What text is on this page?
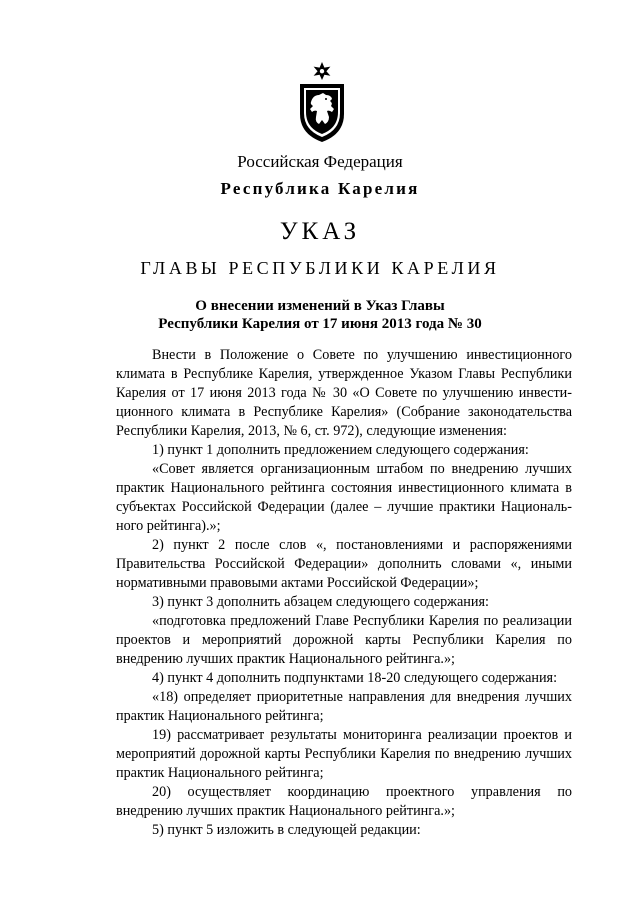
Российская Федерация
Республика Карелия
УКАЗ
ГЛАВЫ РЕСПУБЛИКИ КАРЕЛИЯ
О внесении изменений в Указ Главы
Республики Карелия от 17 июня 2013 года № 30

Внести в Положение о Совете по улучшению инвестиционного климата в Республике Карелия, утвержденное Указом Главы Республики Карелия от 17 июня 2013 года № 30 «О Совете по улучшению инвестиционного климата в Республике Карелия» (Собрание законодательства Республики Карелия, 2013, № 6, ст. 972), следующие изменения:

1) пункт 1 дополнить предложением следующего содержания:

«Совет является организационным штабом по внедрению лучших практик Национального рейтинга состояния инвестиционного климата в субъектах Российской Федерации (далее – лучшие практики Национального рейтинга).»;

2) пункт 2 после слов «, постановлениями и распоряжениями Правительства Российской Федерации» дополнить словами «, иными нормативными правовыми актами Российской Федерации»;

3) пункт 3 дополнить абзацем следующего содержания:

«подготовка предложений Главе Республики Карелия по реализации проектов и мероприятий дорожной карты Республики Карелия по внедрению лучших практик Национального рейтинга.»;

4) пункт 4 дополнить подпунктами 18-20 следующего содержания:

«18) определяет приоритетные направления для внедрения лучших практик Национального рейтинга;

19) рассматривает результаты мониторинга реализации проектов и мероприятий дорожной карты Республики Карелия по внедрению лучших практик Национального рейтинга;

20) осуществляет координацию проектного управления по внедрению лучших практик Национального рейтинга.»;

5) пункт 5 изложить в следующей редакции:
